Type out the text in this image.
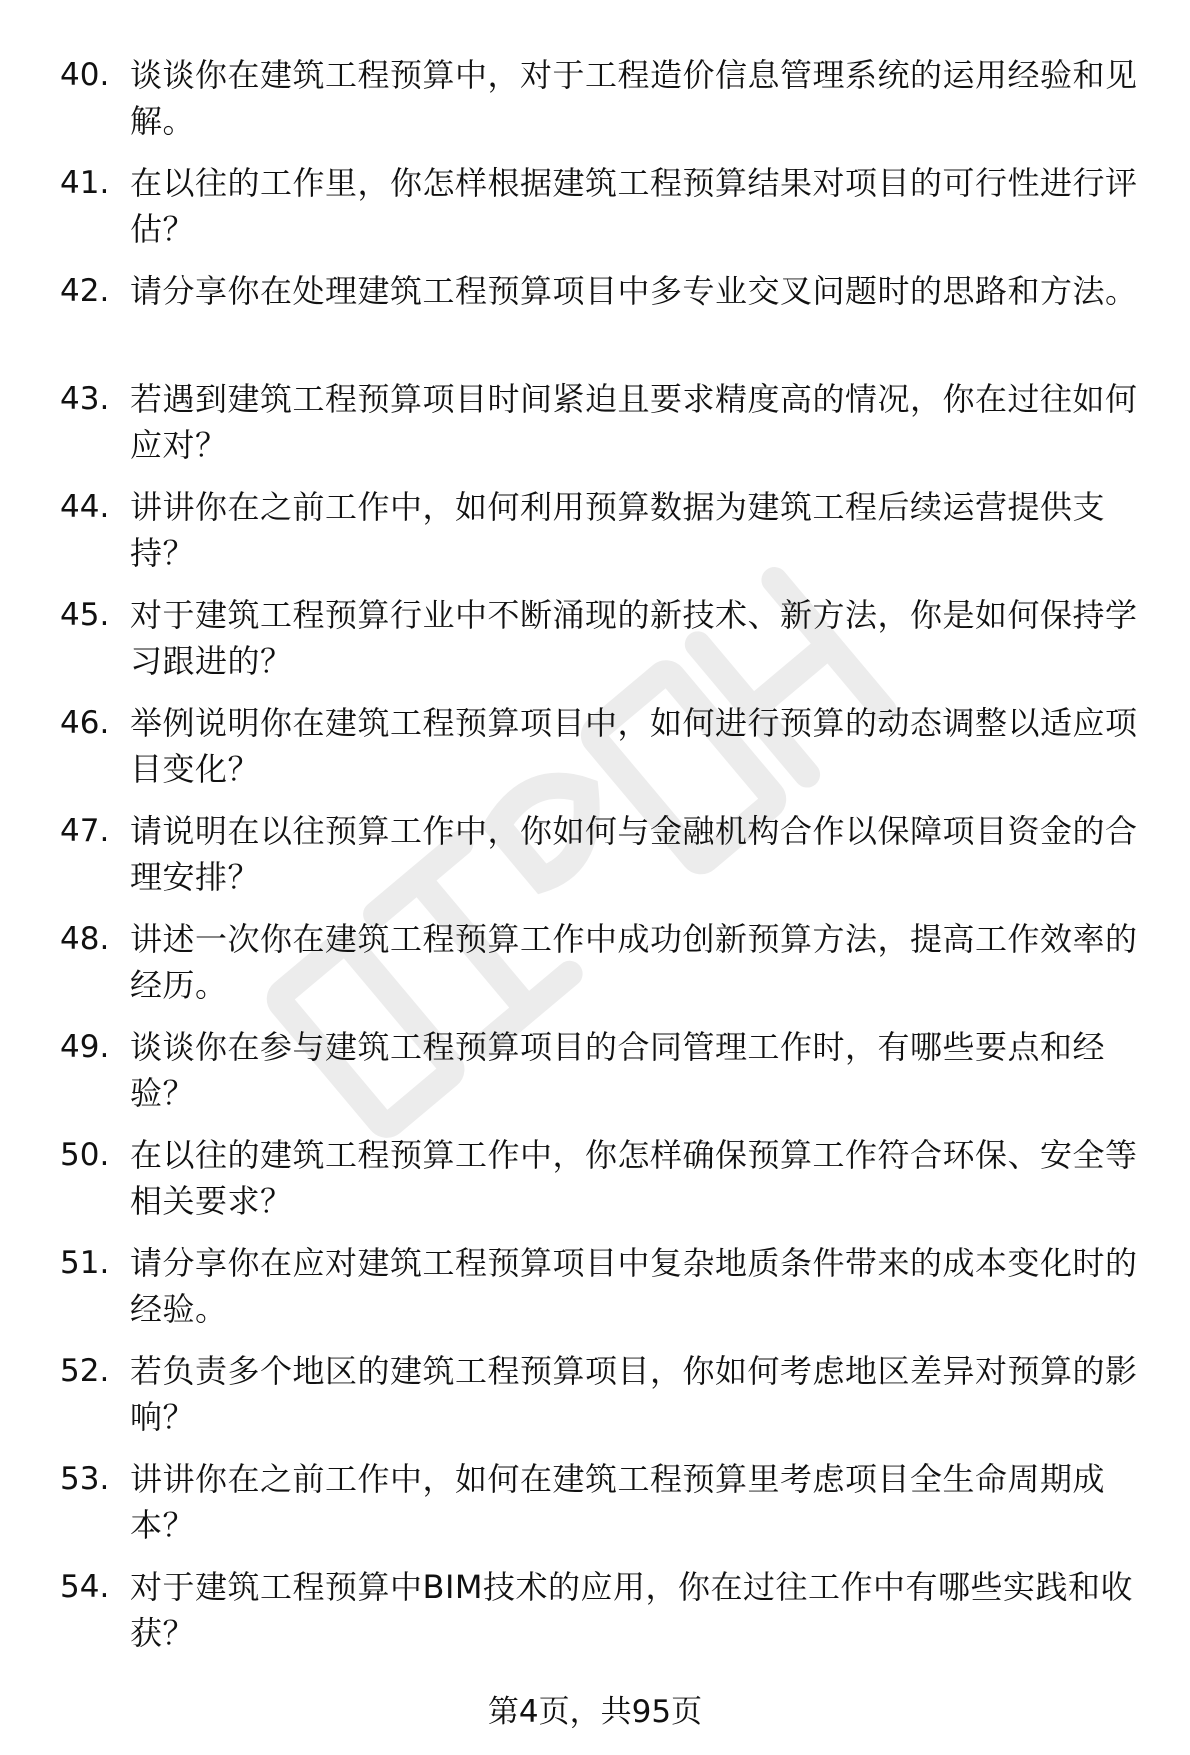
40. 谈谈你在建筑工程预算中，对于工程造价信息管理系统的运用经验和见解。

41. 在以往的工作里，你怎样根据建筑工程预算结果对项目的可行性进行评估？

42. 请分享你在处理建筑工程预算项目中多专业交叉问题时的思路和方法。

43. 若遇到建筑工程预算项目时间紧迫且要求精度高的情况，你在过往如何应对？

44. 讲讲你在之前工作中，如何利用预算数据为建筑工程后续运营提供支持？

45. 对于建筑工程预算行业中不断涌现的新技术、新方法，你是如何保持学习跟进的？

46. 举例说明你在建筑工程预算项目中，如何进行预算的动态调整以适应项目变化？

47. 请说明在以往预算工作中，你如何与金融机构合作以保障项目资金的合理安排？

48. 讲述一次你在建筑工程预算工作中成功创新预算方法，提高工作效率的经历。

49. 谈谈你在参与建筑工程预算项目的合同管理工作时，有哪些要点和经验？

50. 在以往的建筑工程预算工作中，你怎样确保预算工作符合环保、安全等相关要求？

51. 请分享你在应对建筑工程预算项目中复杂地质条件带来的成本变化时的经验。

52. 若负责多个地区的建筑工程预算项目，你如何考虑地区差异对预算的影响？

53. 讲讲你在之前工作中，如何在建筑工程预算里考虑项目全生命周期成本？

54. 对于建筑工程预算中BIM技术的应用，你在过往工作中有哪些实践和收获？

第4页，共95页
